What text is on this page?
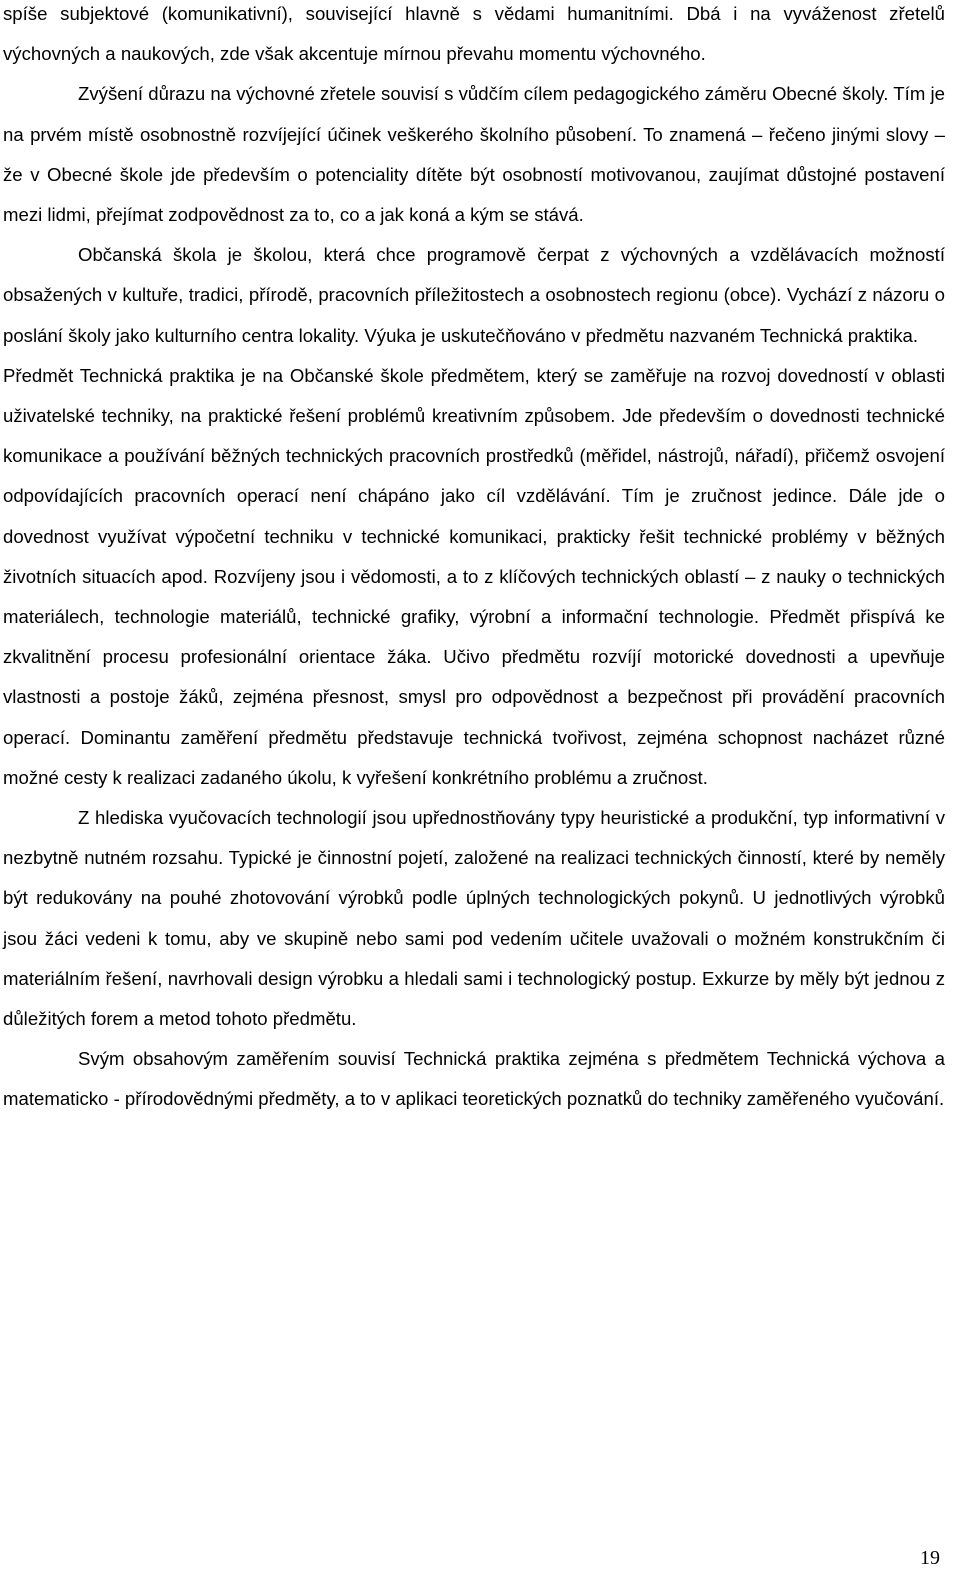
spíše subjektové (komunikativní), související hlavně s vědami humanitními. Dbá i na vyváženost zřetelů výchovných a naukových, zde však akcentuje mírnou převahu momentu výchovného.

Zvýšení důrazu na výchovné zřetele souvisí s vůdčím cílem pedagogického záměru Obecné školy. Tím je na prvém místě osobnostně rozvíjející účinek veškerého školního působení. To znamená – řečeno jinými slovy – že v Obecné škole jde především o potenciality dítěte být osobností motivovanou, zaujímat důstojné postavení mezi lidmi, přejímat zodpovědnost za to, co a jak koná a kým se stává.

Občanská škola je školou, která chce programově čerpat z výchovných a vzdělávacích možností obsažených v kultuře, tradici, přírodě, pracovních příležitostech a osobnostech regionu (obce). Vychází z názoru o poslání školy jako kulturního centra lokality. Výuka je uskutečňováno v předmětu nazvaném Technická praktika.

Předmět Technická praktika je na Občanské škole předmětem, který se zaměřuje na rozvoj dovedností v oblasti uživatelské techniky, na praktické řešení problémů kreativním způsobem. Jde především o dovednosti technické komunikace a používání běžných technických pracovních prostředků (měřidel, nástrojů, nářadí), přičemž osvojení odpovídajících pracovních operací není chápáno jako cíl vzdělávání. Tím je zručnost jedince. Dále jde o dovednost využívat výpočetní techniku v technické komunikaci, prakticky řešit technické problémy v běžných životních situacích apod. Rozvíjeny jsou i vědomosti, a to z klíčových technických oblastí – z nauky o technických materiálech, technologie materiálů, technické grafiky, výrobní a informační technologie. Předmět přispívá ke zkvalitnění procesu profesionální orientace žáka. Učivo předmětu rozvíjí motorické dovednosti a upevňuje vlastnosti a postoje žáků, zejména přesnost, smysl pro odpovědnost a bezpečnost při provádění pracovních operací. Dominantu zaměření předmětu představuje technická tvořivost, zejména schopnost nacházet různé možné cesty k realizaci zadaného úkolu, k vyřešení konkrétního problému a zručnost.

Z hlediska vyučovacích technologií jsou upřednostňovány typy heuristické a produkční, typ informativní v nezbytně nutném rozsahu. Typické je činnostní pojetí, založené na realizaci technických činností, které by neměly být redukovány na pouhé zhotovování výrobků podle úplných technologických pokynů. U jednotlivých výrobků jsou žáci vedeni k tomu, aby ve skupině nebo sami pod vedením učitele uvažovali o možném konstrukčním či materiálním řešení, navrhovali design výrobku a hledali sami i technologický postup. Exkurze by měly být jednou z důležitých forem a metod tohoto předmětu.

Svým obsahovým zaměřením souvisí Technická praktika zejména s předmětem Technická výchova a matematicko - přírodovědnými předměty, a to v aplikaci teoretických poznatků do techniky zaměřeného vyučování.

19
